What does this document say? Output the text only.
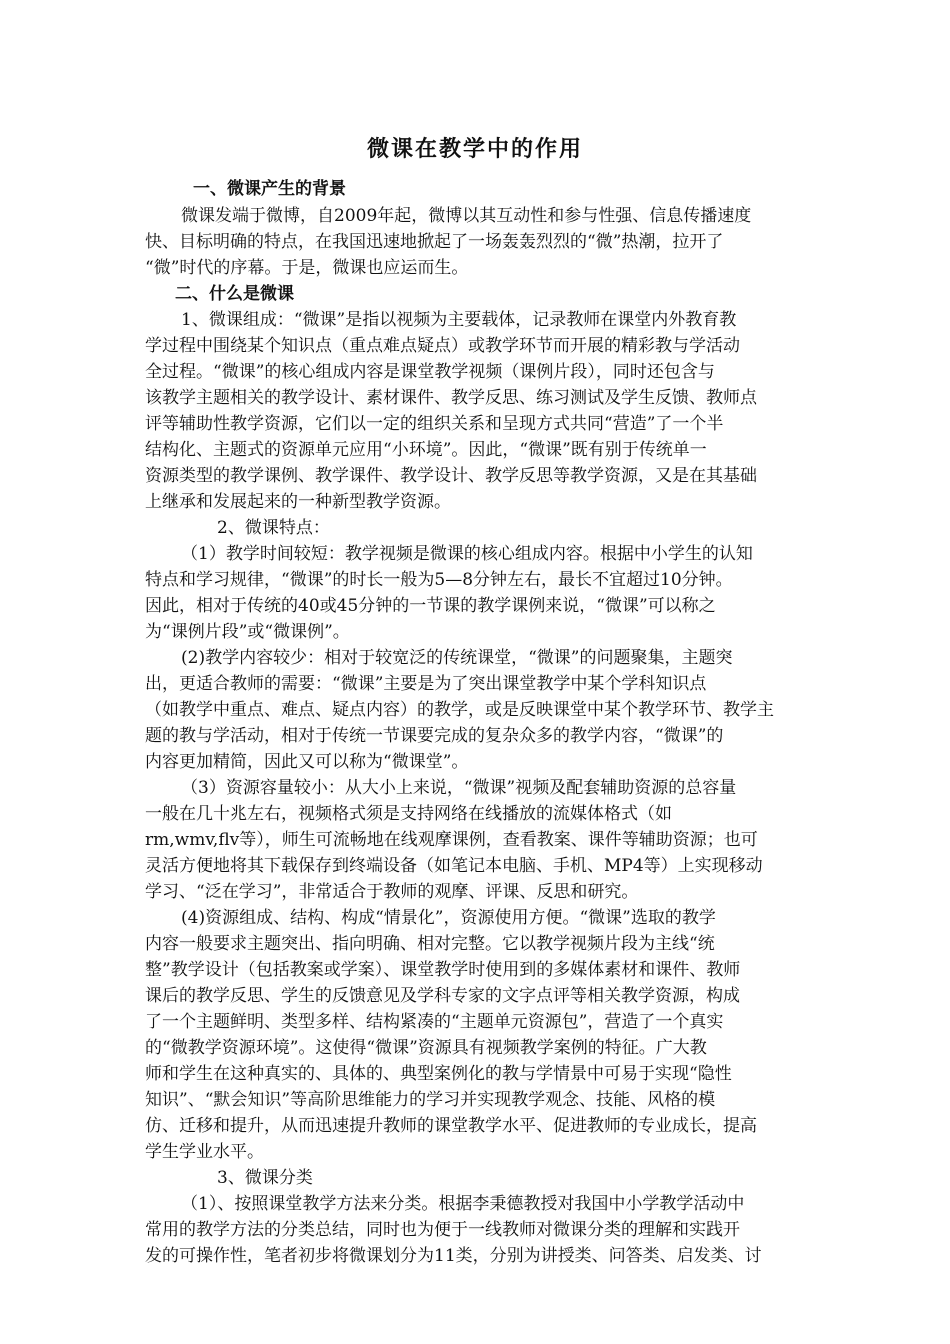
微课在教学中的作用
一、微课产生的背景
微课发端于微博，自2009年起，微博以其互动性和参与性强、信息传播速度
快、目标明确的特点，在我国迅速地掀起了一场轰轰烈烈的“微”热潮，拉开了
“微”时代的序幕。于是，微课也应运而生。
二、什么是微课
1、微课组成：“微课”是指以视频为主要载体，记录教师在课堂内外教育教
学过程中围绕某个知识点（重点难点疑点）或教学环节而开展的精彩教与学活动
全过程。“微课”的核心组成内容是课堂教学视频（课例片段），同时还包含与
该教学主题相关的教学设计、素材课件、教学反思、练习测试及学生反馈、教师点
评等辅助性教学资源，它们以一定的组织关系和呈现方式共同“营造”了一个半
结构化、主题式的资源单元应用“小环境”。因此，“微课”既有别于传统单一
资源类型的教学课例、教学课件、教学设计、教学反思等教学资源，又是在其基础
上继承和发展起来的一种新型教学资源。
2、微课特点：
（1）教学时间较短：教学视频是微课的核心组成内容。根据中小学生的认知
特点和学习规律，“微课”的时长一般为5—8分钟左右，最长不宜超过10分钟。
因此，相对于传统的40或45分钟的一节课的教学课例来说，“微课”可以称之
为“课例片段”或“微课例”。
(2)教学内容较少：相对于较宽泛的传统课堂，“微课”的问题聚集，主题突
出，更适合教师的需要：“微课”主要是为了突出课堂教学中某个学科知识点
（如教学中重点、难点、疑点内容）的教学，或是反映课堂中某个教学环节、教学主
题的教与学活动，相对于传统一节课要完成的复杂众多的教学内容，“微课”的
内容更加精简，因此又可以称为“微课堂”。
（3）资源容量较小：从大小上来说，“微课”视频及配套辅助资源的总容量
一般在几十兆左右，视频格式须是支持网络在线播放的流媒体格式（如
rm,wmv,flv等），师生可流畅地在线观摩课例，查看教案、课件等辅助资源；也可
灵活方便地将其下载保存到终端设备（如笔记本电脑、手机、MP4等）上实现移动
学习、“泛在学习”，非常适合于教师的观摩、评课、反思和研究。
(4)资源组成、结构、构成“情景化”，资源使用方便。“微课”选取的教学
内容一般要求主题突出、指向明确、相对完整。它以教学视频片段为主线“统
整”教学设计（包括教案或学案）、课堂教学时使用到的多媒体素材和课件、教师
课后的教学反思、学生的反馈意见及学科专家的文字点评等相关教学资源，构成
了一个主题鲜明、类型多样、结构紧凑的“主题单元资源包”，营造了一个真实
的“微教学资源环境”。这使得“微课”资源具有视频教学案例的特征。广大教
师和学生在这种真实的、具体的、典型案例化的教与学情景中可易于实现“隐性
知识”、“默会知识”等高阶思维能力的学习并实现教学观念、技能、风格的模
仿、迁移和提升，从而迅速提升教师的课堂教学水平、促进教师的专业成长，提高
学生学业水平。
3、微课分类
（1）、按照课堂教学方法来分类。根据李秉德教授对我国中小学教学活动中
常用的教学方法的分类总结，同时也为便于一线教师对微课分类的理解和实践开
发的可操作性，笔者初步将微课划分为11类，分别为讲授类、问答类、启发类、讨
